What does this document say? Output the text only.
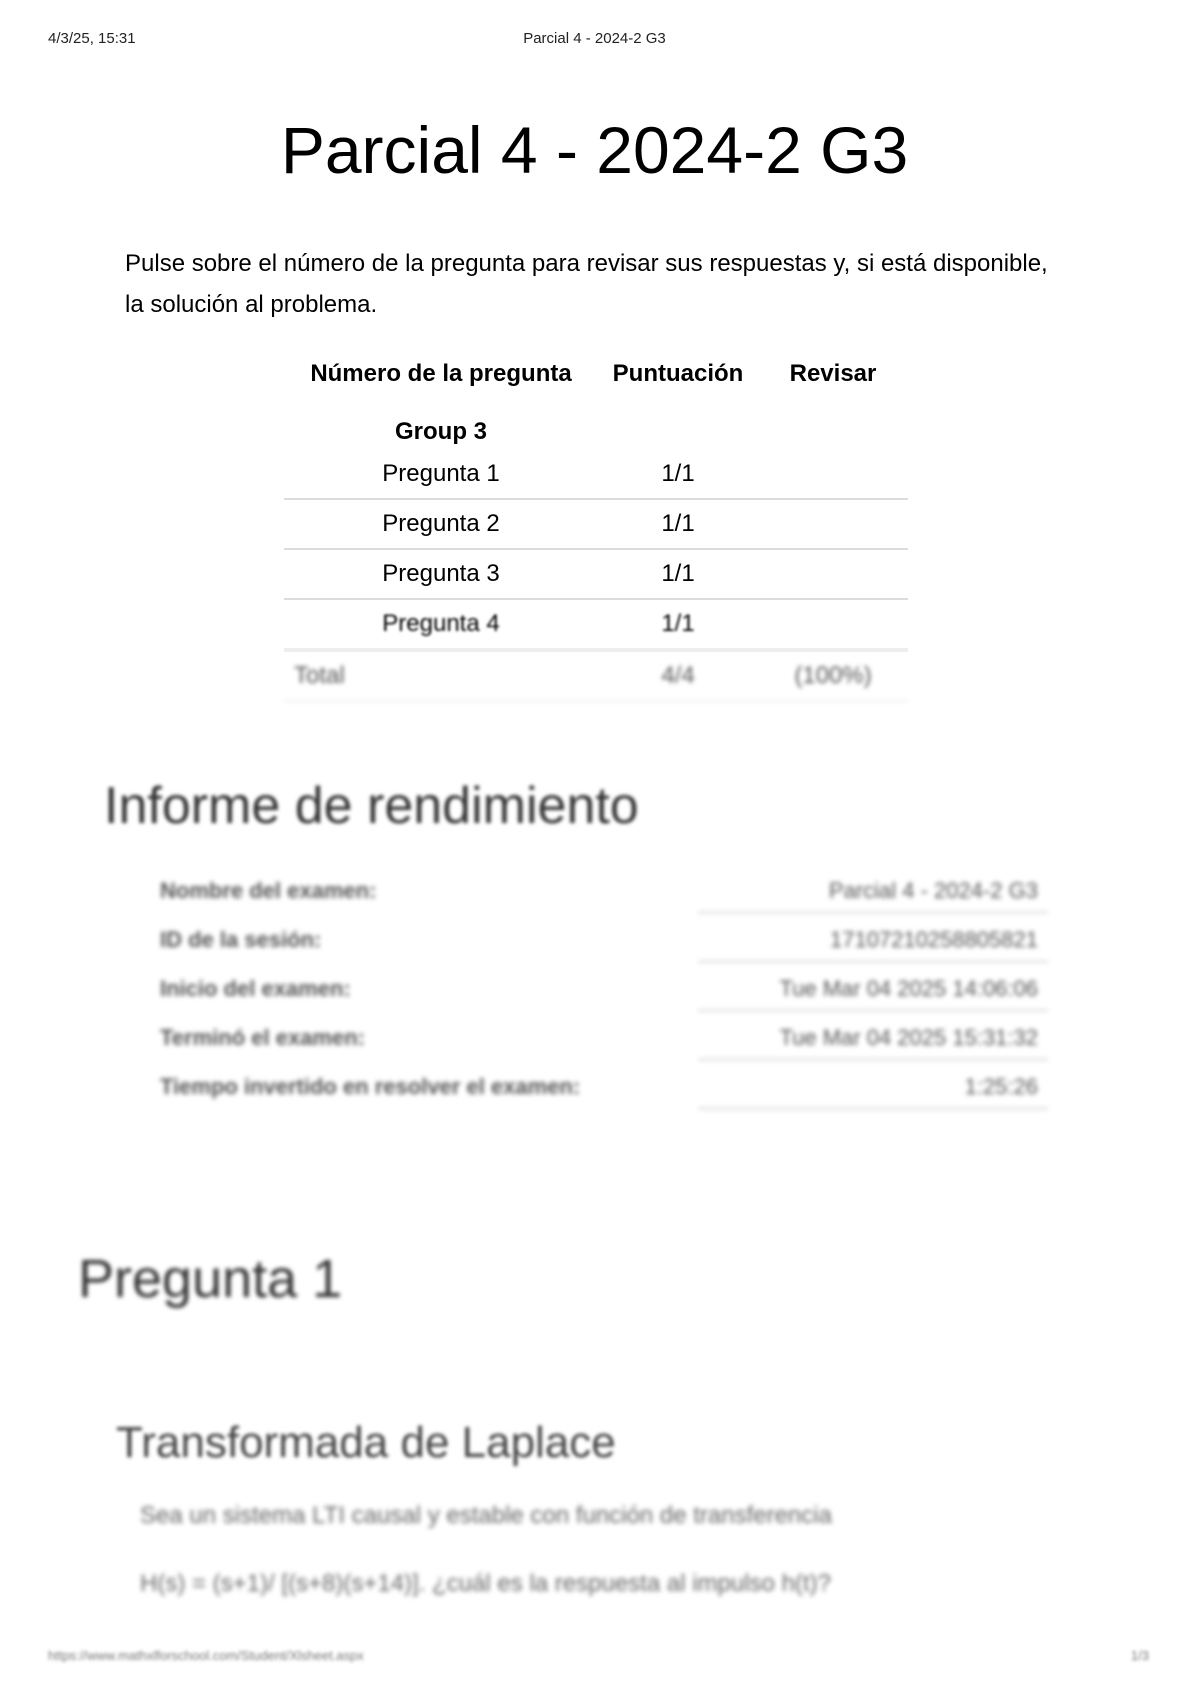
4/3/25, 15:31	Parcial 4 - 2024-2 G3
Parcial 4 - 2024-2 G3

Pulse sobre el número de la pregunta para revisar sus respuestas y, si está disponible, la solución al problema.

Número de la pregunta	Puntuación	Revisar
Group 3
Pregunta 1	1/1
Pregunta 2	1/1
Pregunta 3	1/1
Pregunta 4	1/1
Total	4/4	(100%)
Informe de rendimiento
Nombre del examen:	Parcial 4 - 2024-2 G3
ID de la sesión:	17107210258805821
Inicio del examen:	Tue Mar 04 2025 14:06:06
Terminó el examen:	Tue Mar 04 2025 15:31:32
Tiempo invertido en resolver el examen:	1:25:26
Pregunta 1
Transformada de Laplace

Sea un sistema LTI causal y estable con función de transferencia

H(s) = (s+1)/ [(s+8)(s+14)]. ¿cuál es la respuesta al impulso h(t)?

https://www.mathxlforschool.com/Student/Xlsheet.aspx	1/3
